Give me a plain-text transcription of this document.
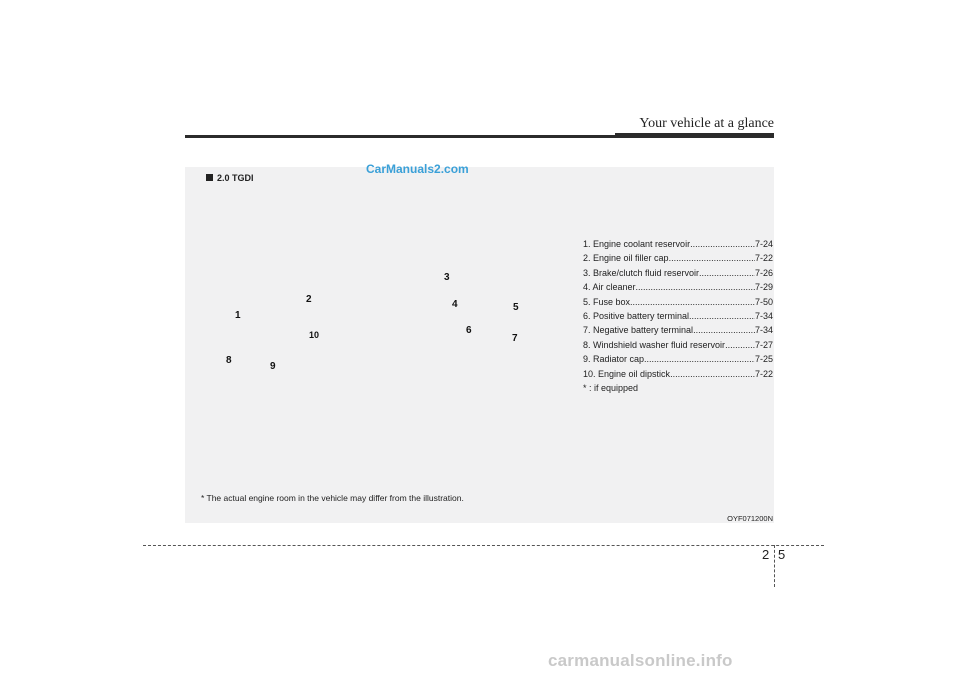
Your vehicle at a glance
2.0 TGDI
CarManuals2.com
1
2
3
4	5
6
7
8
9
10
1. Engine coolant reservoir .....	7-24
2. Engine oil filler cap .....	7-22
3. Brake/clutch fluid reservoir .....	7-26
4. Air cleaner .....	7-29
5. Fuse box .....	7-50
6. Positive battery terminal .....	7-34
7. Negative battery terminal .....	7-34
8. Windshield washer fluid reservoir .....	7-27
9. Radiator cap .....	7-25
10. Engine oil dipstick .....	7-22
* : if equipped
* The actual engine room in the vehicle may differ from the illustration.
OYF071200N
2 5
carmanualsonline.info
